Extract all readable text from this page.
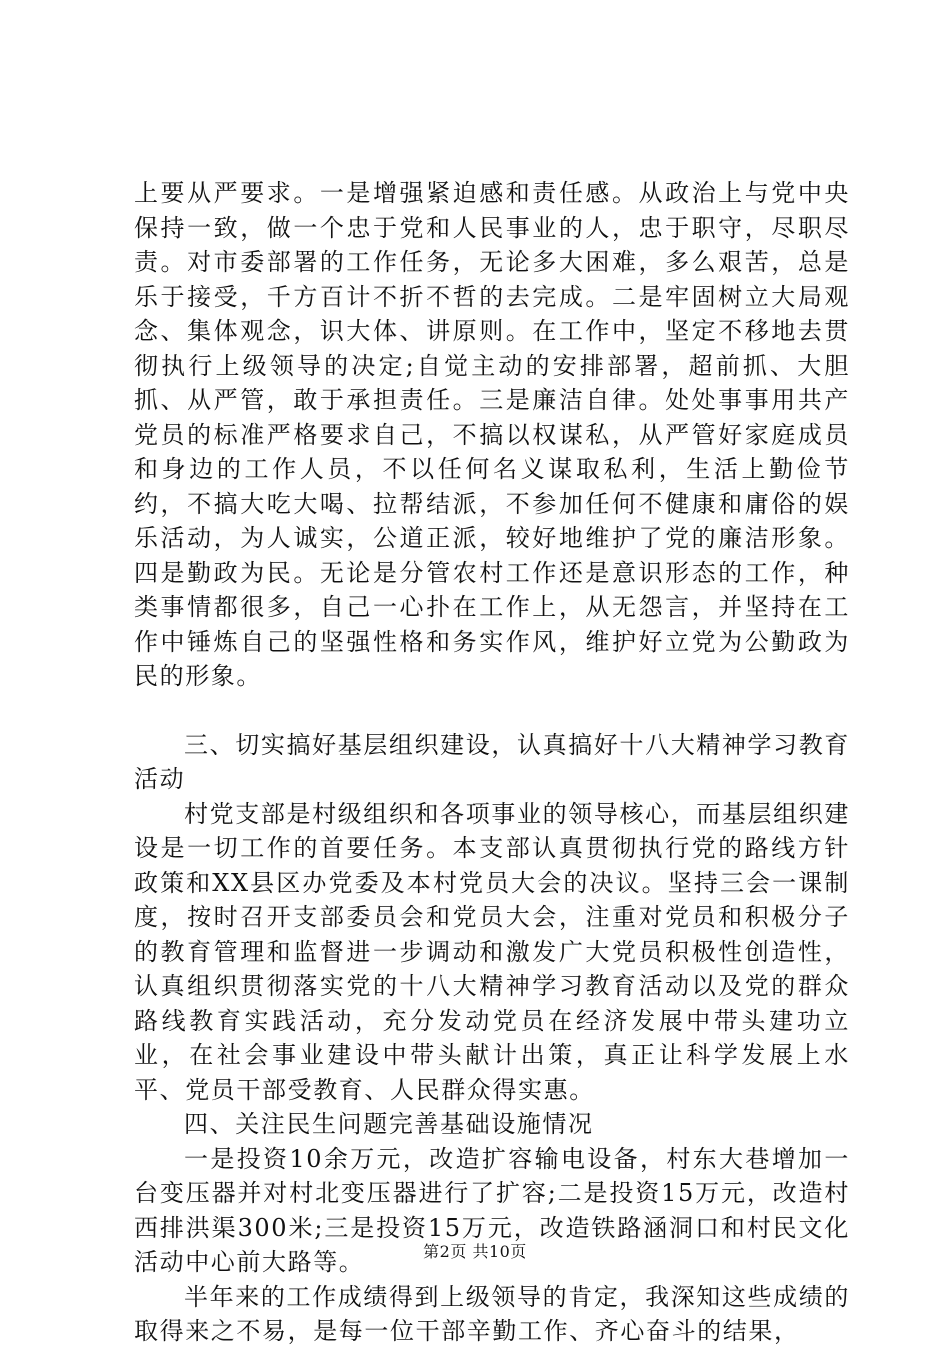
上要从严要求。一是增强紧迫感和责任感。从政治上与党中央保持一致，做一个忠于党和人民事业的人，忠于职守，尽职尽责。对市委部署的工作任务，无论多大困难，多么艰苦，总是乐于接受，千方百计不折不哲的去完成。二是牢固树立大局观念、集体观念，识大体、讲原则。在工作中，坚定不移地去贯彻执行上级领导的决定;自觉主动的安排部署，超前抓、大胆抓、从严管，敢于承担责任。三是廉洁自律。处处事事用共产党员的标准严格要求自己，不搞以权谋私，从严管好家庭成员和身边的工作人员，不以任何名义谋取私利，生活上勤俭节约，不搞大吃大喝、拉帮结派，不参加任何不健康和庸俗的娱乐活动，为人诚实，公道正派，较好地维护了党的廉洁形象。四是勤政为民。无论是分管农村工作还是意识形态的工作，种类事情都很多，自己一心扑在工作上，从无怨言，并坚持在工作中锤炼自己的坚强性格和务实作风，维护好立党为公勤政为民的形象。

三、切实搞好基层组织建设，认真搞好十八大精神学习教育活动

村党支部是村级组织和各项事业的领导核心，而基层组织建设是一切工作的首要任务。本支部认真贯彻执行党的路线方针政策和XX县区办党委及本村党员大会的决议。坚持三会一课制度，按时召开支部委员会和党员大会，注重对党员和积极分子的教育管理和监督进一步调动和激发广大党员积极性创造性，认真组织贯彻落实党的十八大精神学习教育活动以及党的群众路线教育实践活动，充分发动党员在经济发展中带头建功立业，在社会事业建设中带头献计出策，真正让科学发展上水平、党员干部受教育、人民群众得实惠。

四、关注民生问题完善基础设施情况

一是投资10余万元，改造扩容输电设备，村东大巷增加一台变压器并对村北变压器进行了扩容;二是投资15万元，改造村西排洪渠300米;三是投资15万元，改造铁路涵洞口和村民文化活动中心前大路等。

半年来的工作成绩得到上级领导的肯定，我深知这些成绩的取得来之不易，是每一位干部辛勤工作、齐心奋斗的结果，

第2页 共10页
